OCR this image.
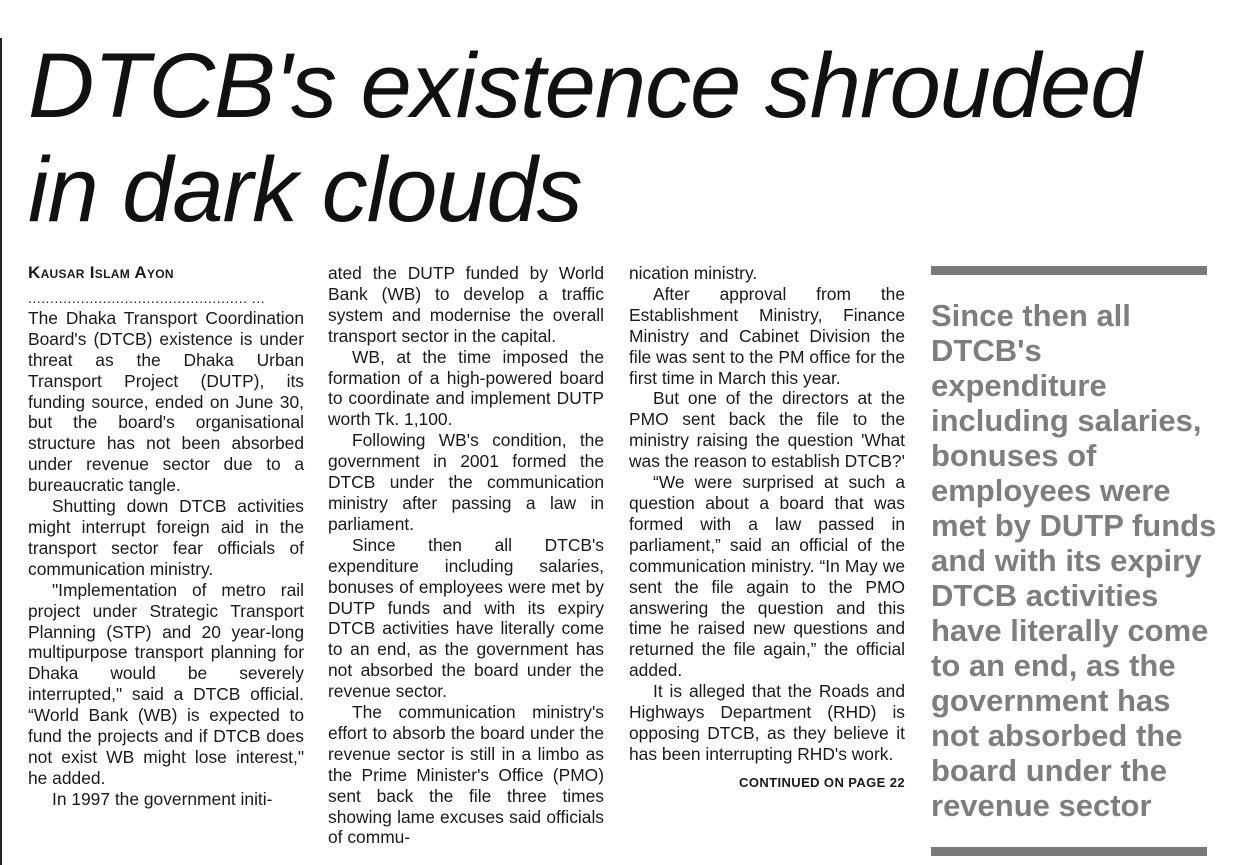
DTCB's existence shrouded in dark clouds
Kausar Islam Ayon
.................................................. ...

The Dhaka Transport Coordination Board's (DTCB) existence is under threat as the Dhaka Urban Transport Project (DUTP), its funding source, ended on June 30, but the board's organisational structure has not been absorbed under revenue sector due to a bureaucratic tangle.

Shutting down DTCB activities might interrupt foreign aid in the transport sector fear officials of communication ministry.

"Implementation of metro rail project under Strategic Transport Planning (STP) and 20 year-long multipurpose transport planning for Dhaka would be severely interrupted," said a DTCB official. “World Bank (WB) is expected to fund the projects and if DTCB does not exist WB might lose interest," he added.

In 1997 the government initi-

ated the DUTP funded by World Bank (WB) to develop a traffic system and modernise the overall transport sector in the capital.

WB, at the time imposed the formation of a high-powered board to coordinate and implement DUTP worth Tk. 1,100.

Following WB's condition, the government in 2001 formed the DTCB under the communication ministry after passing a law in parliament.

Since then all DTCB's expenditure including salaries, bonuses of employees were met by DUTP funds and with its expiry DTCB activities have literally come to an end, as the government has not absorbed the board under the revenue sector.

The communication ministry's effort to absorb the board under the revenue sector is still in a limbo as the Prime Minister's Office (PMO) sent back the file three times showing lame excuses said officials of commu-

nication ministry.

After approval from the Establishment Ministry, Finance Ministry and Cabinet Division the file was sent to the PM office for the first time in March this year.

But one of the directors at the PMO sent back the file to the ministry raising the question 'What was the reason to establish DTCB?'

“We were surprised at such a question about a board that was formed with a law passed in parliament,” said an official of the communication ministry. “In May we sent the file again to the PMO answering the question and this time he raised new questions and returned the file again,” the official added.

It is alleged that the Roads and Highways Department (RHD) is opposing DTCB, as they believe it has been interrupting RHD's work.

CONTINUED ON PAGE 22

Since then all DTCB's expenditure including salaries, bonuses of employees were met by DUTP funds and with its expiry DTCB activities have literally come to an end, as the government has not absorbed the board under the revenue sector
